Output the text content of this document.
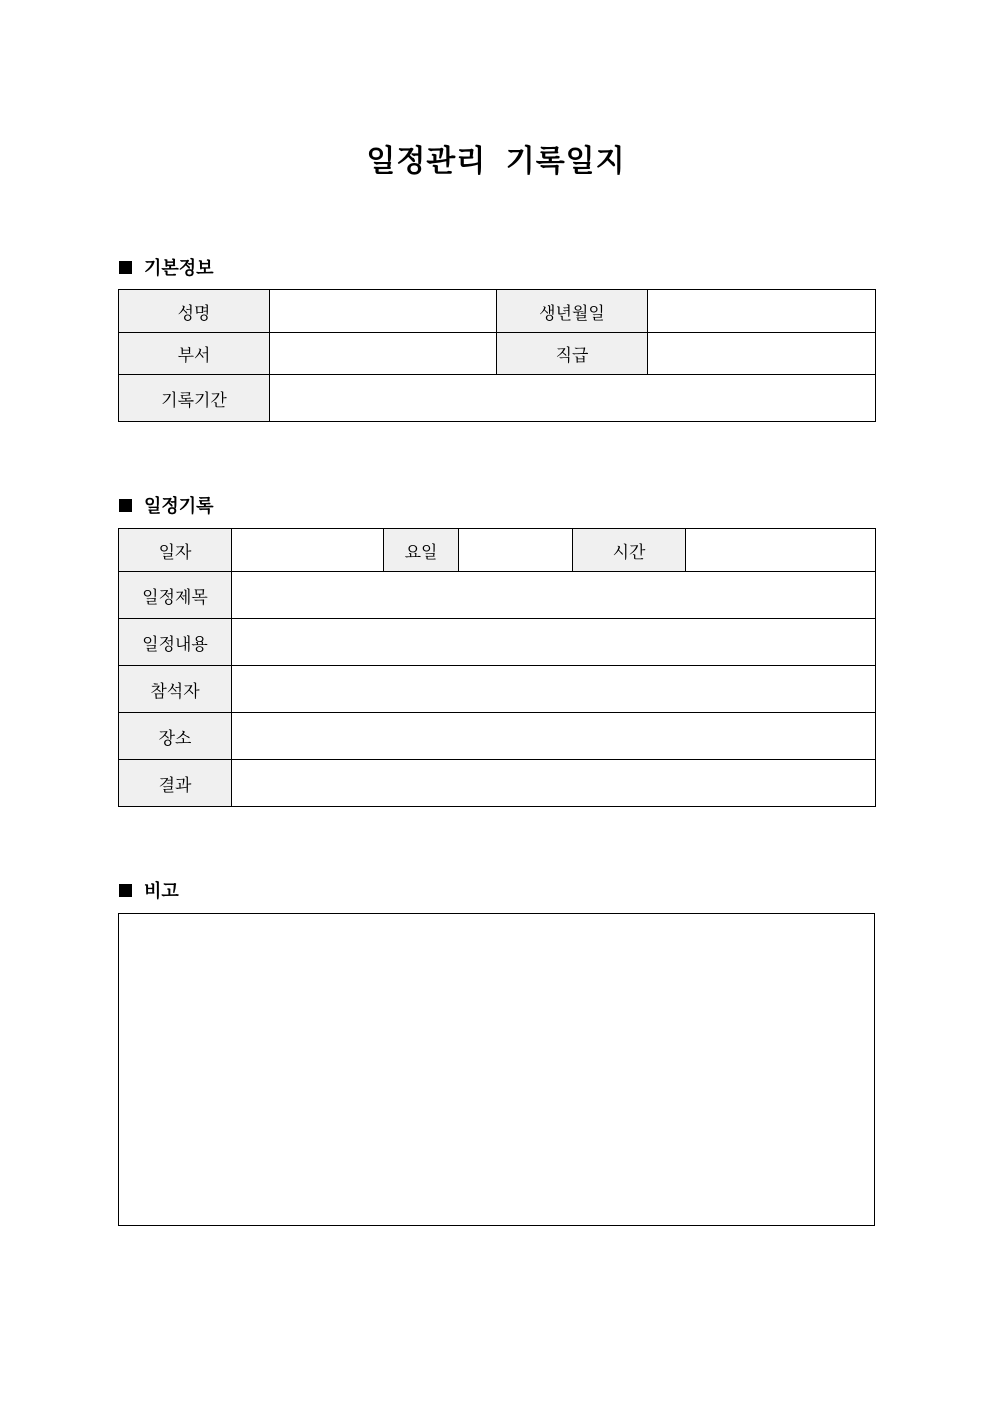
일정관리 기록일지
기본정보
성명		생년월일	
부서		직급	
기록기간			
일정기록
일자		요일		시간	
일정제목					
일정내용					
참석자					
장소					
결과					
비고
